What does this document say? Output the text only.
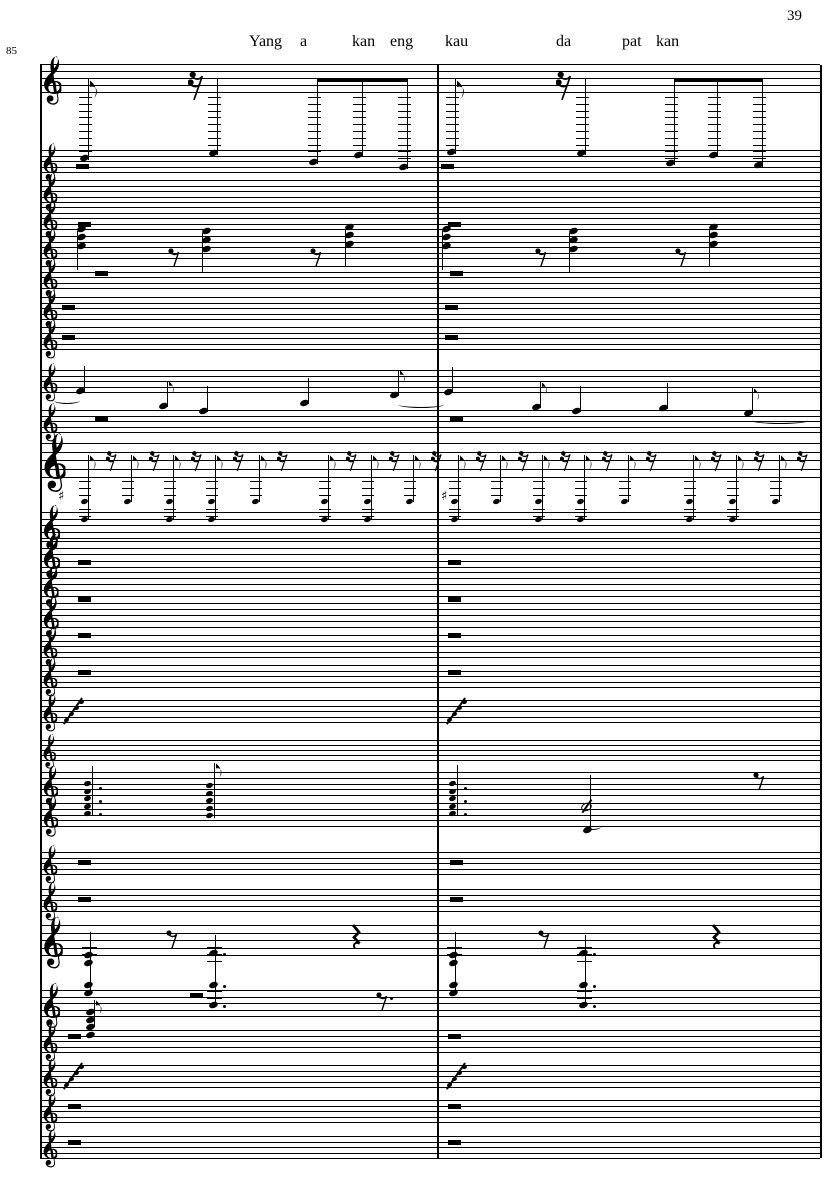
39
85
Yang a	kan eng kau	da	pat kan
♯	♯
